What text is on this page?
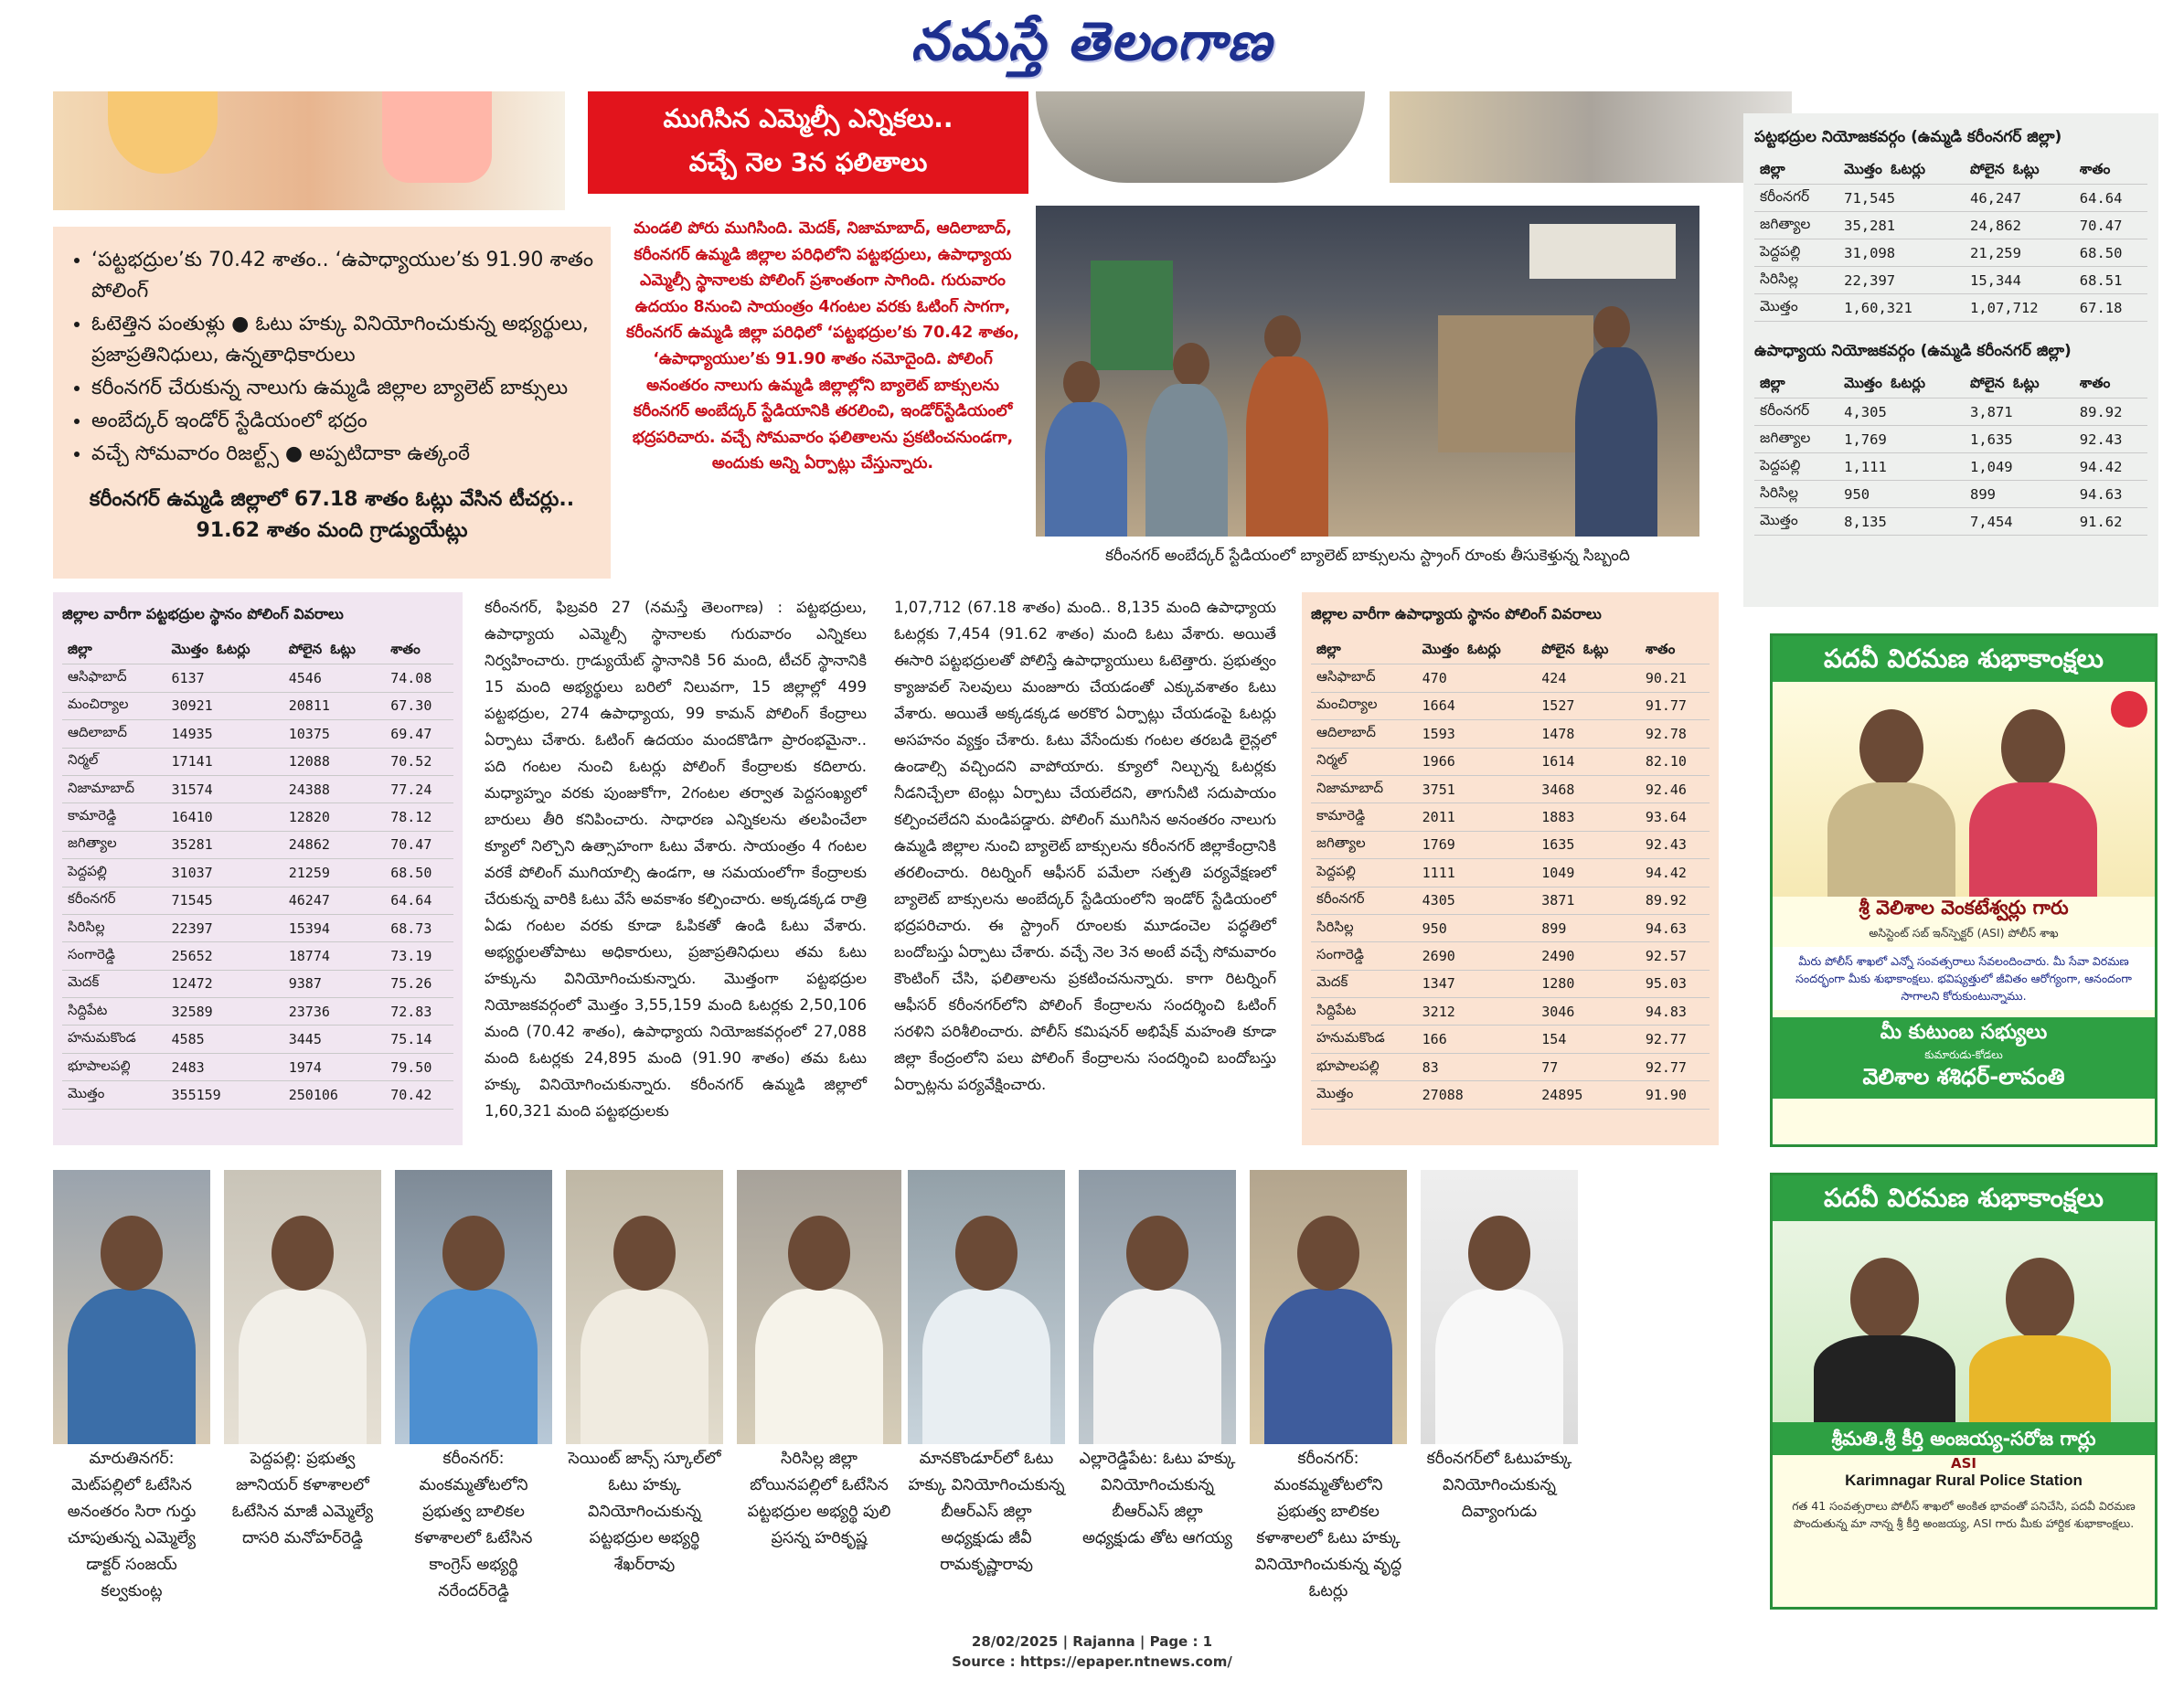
నమస్తే తెలంగాణ
ముగిసిన ఎమ్మెల్సీ ఎన్నికలు..
వచ్చే నెల 3న ఫలితాలు
• ‘పట్టభద్రుల’కు 70.42 శాతం.. ‘ఉపాధ్యాయుల’కు 91.90 శాతం పోలింగ్
• ఓటెత్తిన పంతుళ్లు ● ఓటు హక్కు వినియోగించుకున్న అభ్యర్థులు, ప్రజాప్రతినిధులు, ఉన్నతాధికారులు
• కరీంనగర్ చేరుకున్న నాలుగు ఉమ్మడి జిల్లాల బ్యాలెట్ బాక్సులు
• అంబేద్కర్ ఇండోర్ స్టేడియంలో భద్రం
• వచ్చే సోమవారం రిజల్ట్స్ ● అప్పటిదాకా ఉత్కంఠే
కరీంనగర్ ఉమ్మడి జిల్లాలో 67.18 శాతం ఓట్లు వేసిన టీచర్లు.. 91.62 శాతం మంది గ్రాడ్యుయేట్లు
మండలి పోరు ముగిసింది. మెదక్, నిజామాబాద్, ఆదిలాబాద్, కరీంనగర్ ఉమ్మడి జిల్లాల పరిధిలోని పట్టభద్రులు, ఉపాధ్యాయ ఎమ్మెల్సీ స్థానాలకు పోలింగ్ ప్రశాంతంగా సాగింది. గురువారం ఉదయం 8నుంచి సాయంత్రం 4గంటల వరకు ఓటింగ్ సాగగా, కరీంనగర్ ఉమ్మడి జిల్లా పరిధిలో ‘పట్టభద్రుల’కు 70.42 శాతం, ‘ఉపాధ్యాయుల’కు 91.90 శాతం నమోదైంది. పోలింగ్ అనంతరం నాలుగు ఉమ్మడి జిల్లాల్లోని బ్యాలెట్ బాక్సులను కరీంనగర్ అంబేద్కర్ స్టేడియానికి తరలించి, ఇండోర్‌స్టేడియంలో భద్రపరిచారు. వచ్చే సోమవారం ఫలితాలను ప్రకటించనుండగా, అందుకు అన్ని ఏర్పాట్లు చేస్తున్నారు.
కరీంనగర్ అంబేద్కర్ స్టేడియంలో బ్యాలెట్ బాక్సులను స్ట్రాంగ్ రూంకు తీసుకెళ్తున్న సిబ్బంది
పట్టభద్రుల నియోజకవర్గం (ఉమ్మడి కరీంనగర్ జిల్లా)
జిల్లా	మొత్తం ఓటర్లు	పోలైన ఓట్లు	శాతం
కరీంనగర్	71,545	46,247	64.64
జగిత్యాల	35,281	24,862	70.47
పెద్దపల్లి	31,098	21,259	68.50
సిరిసిల్ల	22,397	15,344	68.51
మొత్తం	1,60,321	1,07,712	67.18
ఉపాధ్యాయ నియోజకవర్గం (ఉమ్మడి కరీంనగర్ జిల్లా)
జిల్లా	మొత్తం ఓటర్లు	పోలైన ఓట్లు	శాతం
కరీంనగర్	4,305	3,871	89.92
జగిత్యాల	1,769	1,635	92.43
పెద్దపల్లి	1,111	1,049	94.42
సిరిసిల్ల	950	899	94.63
మొత్తం	8,135	7,454	91.62
జిల్లాల వారీగా పట్టభద్రుల స్థానం పోలింగ్ వివరాలు
జిల్లా	మొత్తం ఓటర్లు	పోలైన ఓట్లు	శాతం
ఆసిఫాబాద్	6137	4546	74.08
మంచిర్యాల	30921	20811	67.30
ఆదిలాబాద్	14935	10375	69.47
నిర్మల్	17141	12088	70.52
నిజామాబాద్	31574	24388	77.24
కామారెడ్డి	16410	12820	78.12
జగిత్యాల	35281	24862	70.47
పెద్దపల్లి	31037	21259	68.50
కరీంనగర్	71545	46247	64.64
సిరిసిల్ల	22397	15394	68.73
సంగారెడ్డి	25652	18774	73.19
మెదక్	12472	9387	75.26
సిద్దిపేట	32589	23736	72.83
హనుమకొండ	4585	3445	75.14
భూపాలపల్లి	2483	1974	79.50
మొత్తం	355159	250106	70.42
కరీంనగర్, ఫిబ్రవరి 27 (నమస్తే తెలంగాణ) : పట్టభద్రులు, ఉపాధ్యాయ ఎమ్మెల్సీ స్థానాలకు గురువారం ఎన్నికలు నిర్వహించారు. గ్రాడ్యుయేట్ స్థానానికి 56 మంది, టీచర్ స్థానానికి 15 మంది అభ్యర్థులు బరిలో నిలువగా, 15 జిల్లాల్లో 499 పట్టభద్రుల, 274 ఉపాధ్యాయ, 99 కామన్ పోలింగ్ కేంద్రాలు ఏర్పాటు చేశారు. ఓటింగ్ ఉదయం మందకొడిగా ప్రారంభమైనా.. పది గంటల నుంచి ఓటర్లు పోలింగ్ కేంద్రాలకు కదిలారు. మధ్యాహ్నం వరకు పుంజుకోగా, 2గంటల తర్వాత పెద్దసంఖ్యలో బారులు తీరి కనిపించారు. సాధారణ ఎన్నికలను తలపించేలా క్యూలో నిల్చొని ఉత్సాహంగా ఓటు వేశారు. సాయంత్రం 4 గంటల వరకే పోలింగ్ ముగియాల్సి ఉండగా, ఆ సమయంలోగా కేంద్రాలకు చేరుకున్న వారికి ఓటు వేసే అవకాశం కల్పించారు. అక్కడక్కడ రాత్రి ఏడు గంటల వరకు కూడా ఓపికతో ఉండి ఓటు వేశారు. అభ్యర్థులతోపాటు అధికారులు, ప్రజాప్రతినిధులు తమ ఓటు హక్కును వినియోగించుకున్నారు. మొత్తంగా పట్టభద్రుల నియోజకవర్గంలో మొత్తం 3,55,159 మంది ఓటర్లకు 2,50,106 మంది (70.42 శాతం), ఉపాధ్యాయ నియోజకవర్గంలో 27,088 మంది ఓటర్లకు 24,895 మంది (91.90 శాతం) తమ ఓటు హక్కు వినియోగించుకున్నారు. కరీంనగర్ ఉమ్మడి జిల్లాలో 1,60,321 మంది పట్టభద్రులకు
1,07,712 (67.18 శాతం) మంది.. 8,135 మంది ఉపాధ్యాయ ఓటర్లకు 7,454 (91.62 శాతం) మంది ఓటు వేశారు. అయితే ఈసారి పట్టభద్రులతో పోలిస్తే ఉపాధ్యాయులు ఓటెత్తారు. ప్రభుత్వం క్యాజువల్ సెలవులు మంజూరు చేయడంతో ఎక్కువశాతం ఓటు వేశారు. అయితే అక్కడక్కడ అరకొర ఏర్పాట్లు చేయడంపై ఓటర్లు అసహనం వ్యక్తం చేశారు. ఓటు వేసేందుకు గంటల తరబడి లైన్లలో ఉండాల్సి వచ్చిందని వాపోయారు. క్యూలో నిల్చున్న ఓటర్లకు నీడనిచ్చేలా టెంట్లు ఏర్పాటు చేయలేదని, తాగునీటి సదుపాయం కల్పించలేదని మండిపడ్డారు. పోలింగ్ ముగిసిన అనంతరం నాలుగు ఉమ్మడి జిల్లాల నుంచి బ్యాలెట్ బాక్సులను కరీంనగర్ జిల్లాకేంద్రానికి తరలించారు. రిటర్నింగ్ ఆఫీసర్ పమేలా సత్పతి పర్యవేక్షణలో బ్యాలెట్ బాక్సులను అంబేద్కర్ స్టేడియంలోని ఇండోర్ స్టేడియంలో భద్రపరిచారు. ఈ స్ట్రాంగ్ రూంలకు మూడంచెల పద్ధతిలో బందోబస్తు ఏర్పాటు చేశారు. వచ్చే నెల 3న అంటే వచ్చే సోమవారం కౌంటింగ్ చేసి, ఫలితాలను ప్రకటించనున్నారు. కాగా రిటర్నింగ్ ఆఫీసర్ కరీంనగర్‌లోని పోలింగ్ కేంద్రాలను సందర్శించి ఓటింగ్ సరళిని పరిశీలించారు. పోలీస్ కమిషనర్ అభిషేక్ మహంతి కూడా జిల్లా కేంద్రంలోని పలు పోలింగ్ కేంద్రాలను సందర్శించి బందోబస్తు ఏర్పాట్లను పర్యవేక్షించారు.
జిల్లాల వారీగా ఉపాధ్యాయ స్థానం పోలింగ్ వివరాలు
జిల్లా	మొత్తం ఓటర్లు	పోలైన ఓట్లు	శాతం
ఆసిఫాబాద్	470	424	90.21
మంచిర్యాల	1664	1527	91.77
ఆదిలాబాద్	1593	1478	92.78
నిర్మల్	1966	1614	82.10
నిజామాబాద్	3751	3468	92.46
కామారెడ్డి	2011	1883	93.64
జగిత్యాల	1769	1635	92.43
పెద్దపల్లి	1111	1049	94.42
కరీంనగర్	4305	3871	89.92
సిరిసిల్ల	950	899	94.63
సంగారెడ్డి	2690	2490	92.57
మెదక్	1347	1280	95.03
సిద్దిపేట	3212	3046	94.83
హనుమకొండ	166	154	92.77
భూపాలపల్లి	83	77	92.77
మొత్తం	27088	24895	91.90
పదవీ విరమణ శుభాకాంక్షలు
శ్రీ వెలిశాల వెంకటేశ్వర్లు గారు
అసిస్టెంట్ సబ్ ఇన్‌స్పెక్టర్ (ASI) పోలీస్ శాఖ
మీరు పోలీస్ శాఖలో ఎన్నో సంవత్సరాలు సేవలందించారు. మీ సేవా విరమణ సందర్భంగా మీకు శుభాకాంక్షలు. భవిష్యత్తులో జీవితం ఆరోగ్యంగా, ఆనందంగా సాగాలని కోరుకుంటున్నాము.
మీ కుటుంబ సభ్యులు
కుమారుడు-కోడలు
వెలిశాల శశిధర్-లావంతి
పదవీ విరమణ శుభాకాంక్షలు
శ్రీమతి.శ్రీ కీర్తి అంజయ్య-సరోజ గార్లు
ASI
Karimnagar Rural Police Station
గత 41 సంవత్సరాలు పోలీస్ శాఖలో అంకిత భావంతో పనిచేసి, పదవీ విరమణ పొందుతున్న మా నాన్న శ్రీ కీర్తి అంజయ్య, ASI గారు మీకు హార్దిక శుభాకాంక్షలు.
మారుతినగర్: మెట్‌పల్లిలో ఓటేసిన అనంతరం సిరా గుర్తు చూపుతున్న ఎమ్మెల్యే డాక్టర్ సంజయ్ కల్వకుంట్ల
పెద్దపల్లి: ప్రభుత్వ జూనియర్ కళాశాలలో ఓటేసిన మాజీ ఎమ్మెల్యే దాసరి మనోహర్‌రెడ్డి
కరీంనగర్: మంకమ్మతోటలోని ప్రభుత్వ బాలికల కళాశాలలో ఓటేసిన కాంగ్రెస్ అభ్యర్థి నరేందర్‌రెడ్డి
సెయింట్ జాన్స్ స్కూల్‌లో ఓటు హక్కు వినియోగించుకున్న పట్టభద్రుల అభ్యర్థి శేఖర్‌రావు
సిరిసిల్ల జిల్లా బోయినపల్లిలో ఓటేసిన పట్టభద్రుల అభ్యర్థి పులి ప్రసన్న హరికృష్ణ
మానకొండూర్‌లో ఓటు హక్కు వినియోగించుకున్న బీఆర్‌ఎస్ జిల్లా అధ్యక్షుడు జీవీ రామకృష్ణారావు
ఎల్లారెడ్డిపేట: ఓటు హక్కు వినియోగించుకున్న బీఆర్‌ఎస్ జిల్లా అధ్యక్షుడు తోట ఆగయ్య
కరీంనగర్: మంకమ్మతోటలోని ప్రభుత్వ బాలికల కళాశాలలో ఓటు హక్కు వినియోగించుకున్న వృద్ధ ఓటర్లు
కరీంనగర్‌లో ఓటుహక్కు వినియోగించుకున్న దివ్యాంగుడు
28/02/2025 | Rajanna | Page : 1
Source : https://epaper.ntnews.com/
